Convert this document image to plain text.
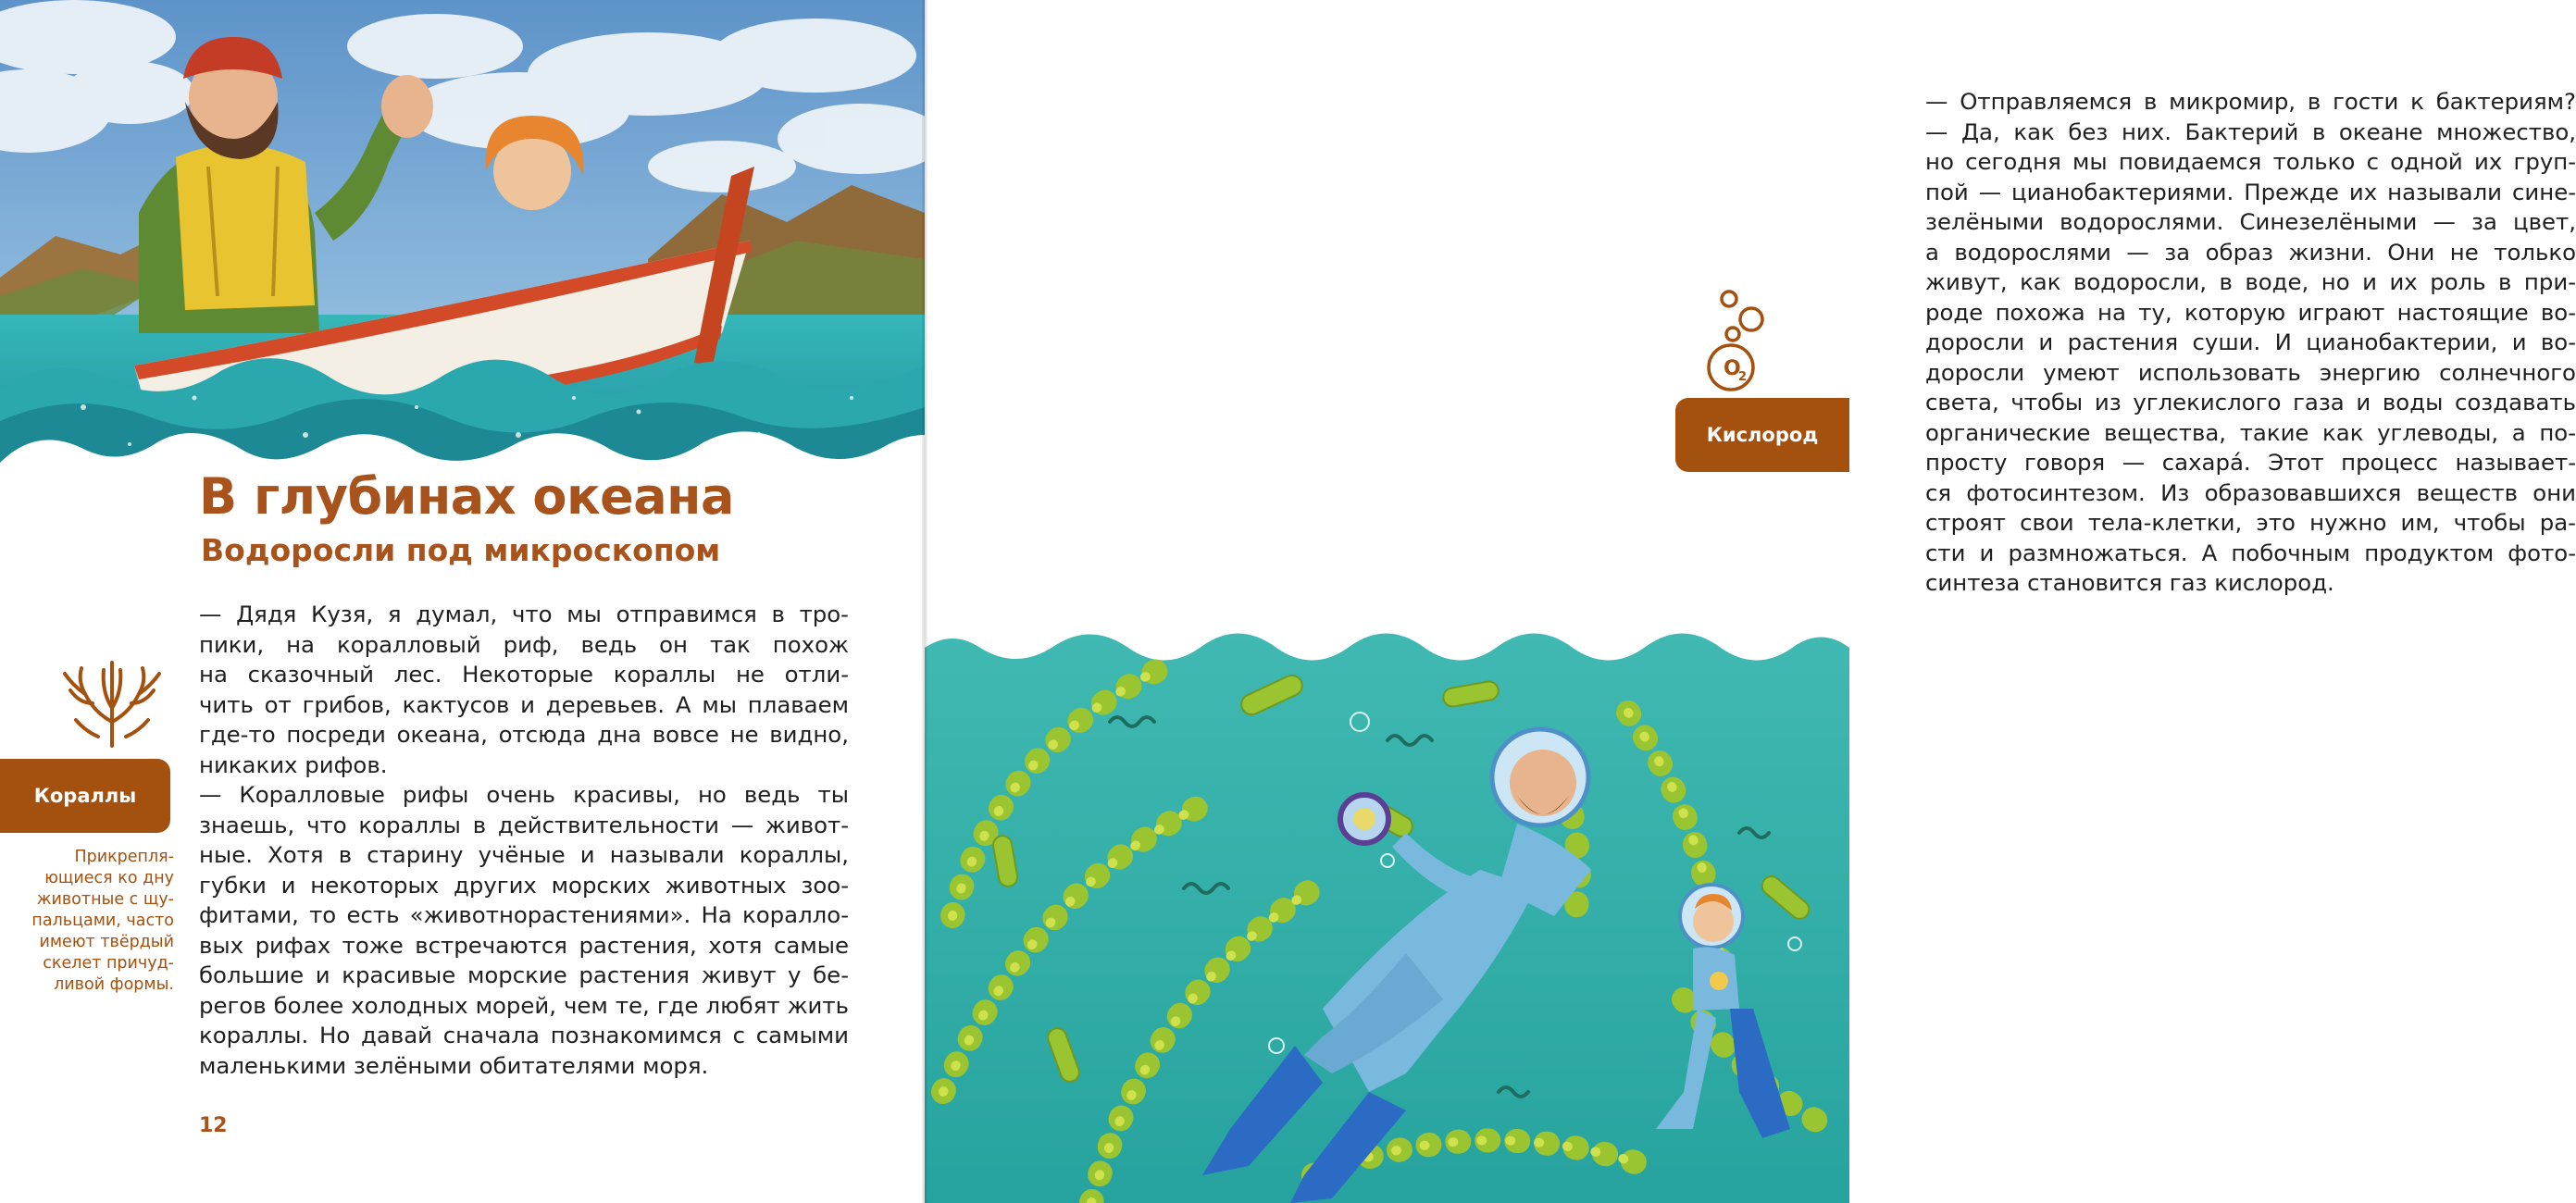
В глубинах океана
Водоросли под микроскопом
Кораллы
Прикрепля-
ющиеся ко дну
животные с щу-
пальцами, часто
имеют твёрдый
скелет причуд-
ливой формы.
— Дядя Кузя, я думал, что мы отправимся в тро-
пики, на коралловый риф, ведь он так похож
на сказочный лес. Некоторые кораллы не отли-
чить от грибов, кактусов и деревьев. А мы плаваем
где-то посреди океана, отсюда дна вовсе не видно,
никаких рифов.
— Коралловые рифы очень красивы, но ведь ты
знаешь, что кораллы в действительности — живот-
ные. Хотя в старину учёные и называли кораллы,
губки и некоторых других морских животных зоо-
фитами, то есть «животнорастениями». На коралло-
вых рифах тоже встречаются растения, хотя самые
большие и красивые морские растения живут у бе-
регов более холодных морей, чем те, где любят жить
кораллы. Но давай сначала познакомимся с самыми
маленькими зелёными обитателями моря.
12
— Отправляемся в микромир, в гости к бактериям?
— Да, как без них. Бактерий в океане множество,
но сегодня мы повидаемся только с одной их груп-
пой — цианобактериями. Прежде их называли сине-
зелёными водорослями. Синезелёными — за цвет,
а водорослями — за образ жизни. Они не только
живут, как водоросли, в воде, но и их роль в при-
роде похожа на ту, которую играют настоящие во-
доросли и растения суши. И цианобактерии, и во-
доросли умеют использовать энергию солнечного
света, чтобы из углекислого газа и воды создавать
органические вещества, такие как углеводы, а по-
просту говоря — сахара́. Этот процесс называет-
ся фотосинтезом. Из образовавшихся веществ они
строят свои тела-клетки, это нужно им, чтобы ра-
сти и размножаться. А побочным продуктом фото-
синтеза становится газ кислород.
O
2
Кислород
